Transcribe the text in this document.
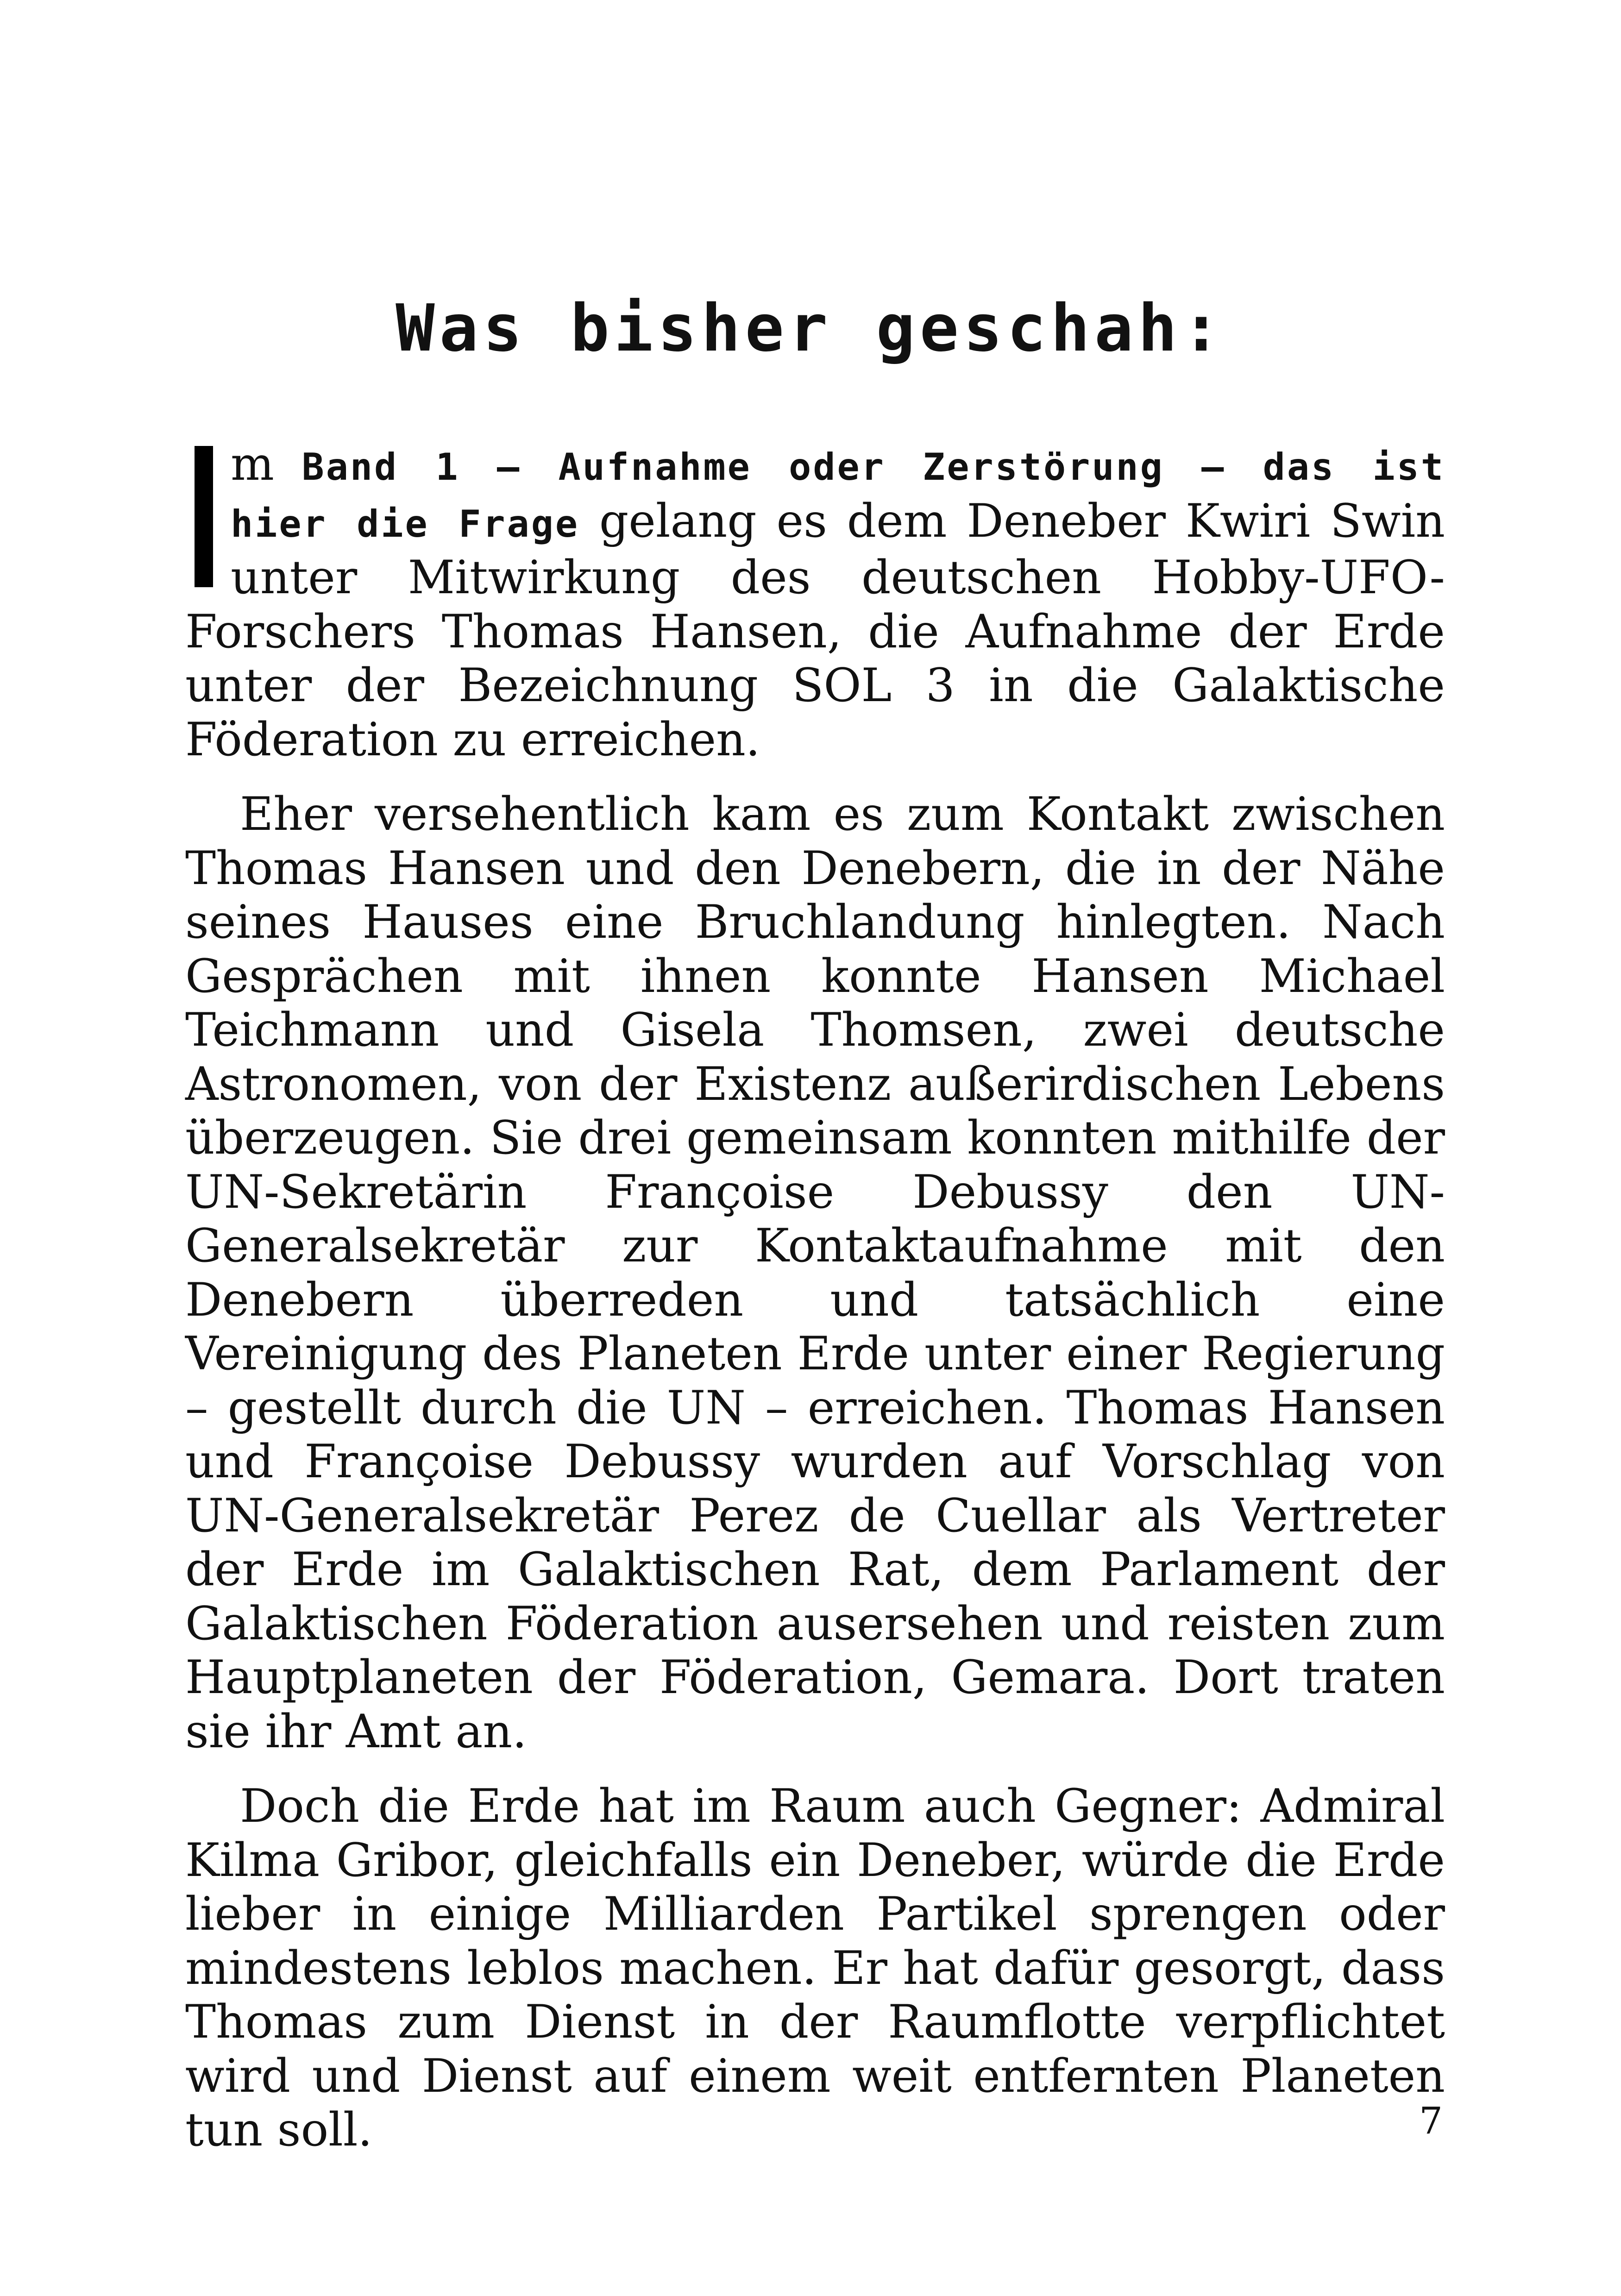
Was bisher geschah:

m Band 1 – Aufnahme oder Zerstörung – das ist hier die Frage gelang es dem Deneber Kwiri Swin unter Mitwirkung des deutschen Hobby-UFO-Forschers Thomas Hansen, die Aufnahme der Erde unter der Bezeichnung SOL 3 in die Galaktische Föderation zu erreichen.

Eher versehentlich kam es zum Kontakt zwischen Thomas Hansen und den Denebern, die in der Nähe seines Hauses eine Bruchlandung hinlegten. Nach Gesprächen mit ihnen konnte Hansen Michael Teichmann und Gisela Thomsen, zwei deutsche Astronomen, von der Existenz außerirdischen Lebens überzeugen. Sie drei gemeinsam konnten mithilfe der UN-Sekretärin Françoise Debussy den UN-Generalsekretär zur Kontaktaufnahme mit den Denebern überreden und tatsächlich eine Vereinigung des Planeten Erde unter einer Regierung – gestellt durch die UN – erreichen. Thomas Hansen und Françoise Debussy wurden auf Vorschlag von UN-Generalsekretär Perez de Cuellar als Vertreter der Erde im Galaktischen Rat, dem Parlament der Galaktischen Föderation ausersehen und reisten zum Hauptplaneten der Föderation, Gemara. Dort traten sie ihr Amt an.

Doch die Erde hat im Raum auch Gegner: Admiral Kilma Gribor, gleichfalls ein Deneber, würde die Erde lieber in einige Milliarden Partikel sprengen oder mindestens leblos machen. Er hat dafür gesorgt, dass Thomas zum Dienst in der Raumflotte verpflichtet wird und Dienst auf einem weit entfernten Planeten tun soll.	7
